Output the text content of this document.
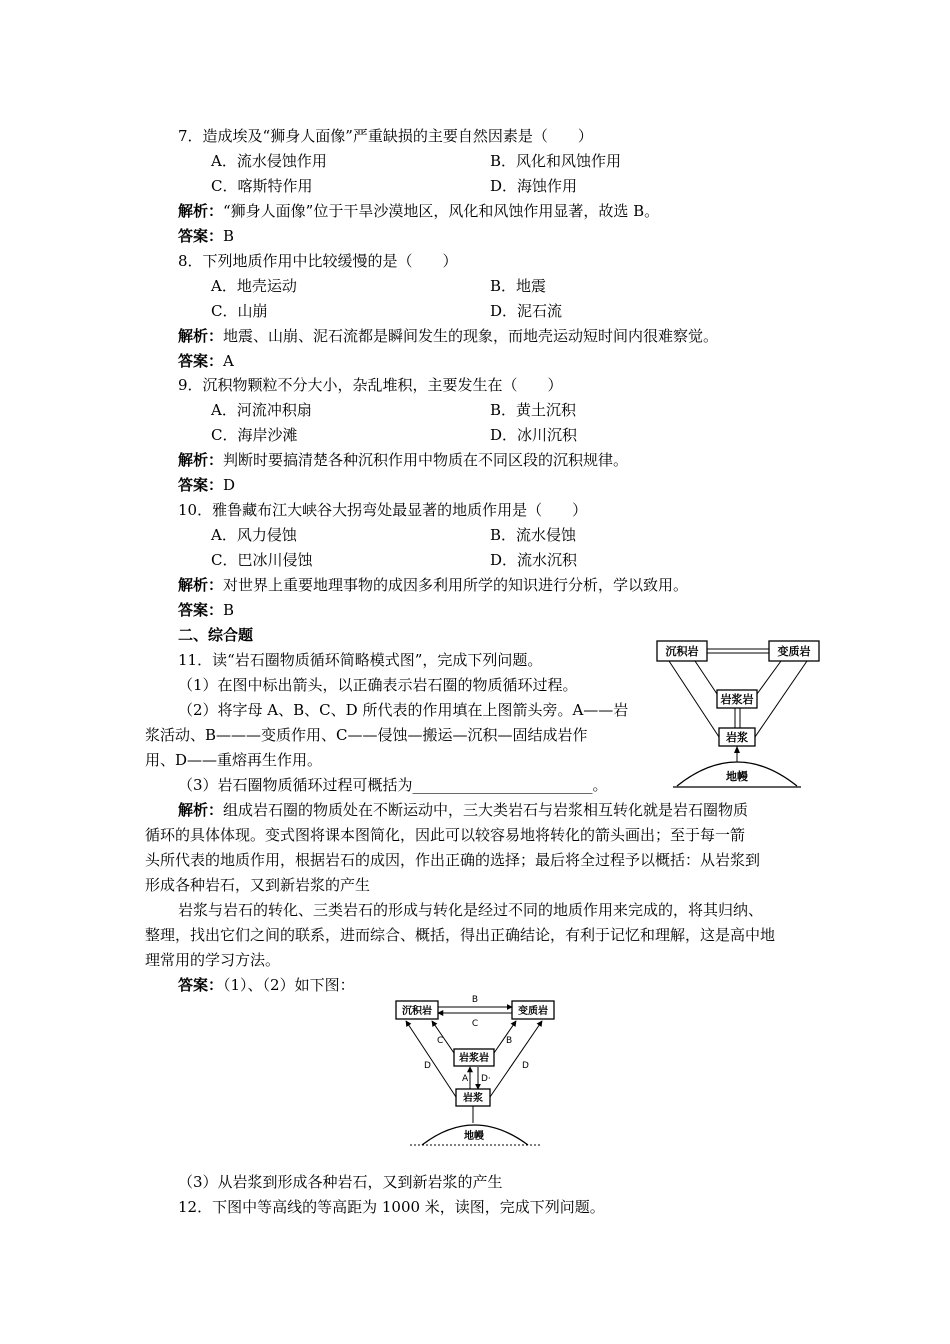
7．造成埃及“狮身人面像”严重缺损的主要自然因素是（　　）
A．流水侵蚀作用	B．风化和风蚀作用
C．喀斯特作用	D．海蚀作用
解析：“狮身人面像”位于干旱沙漠地区，风化和风蚀作用显著，故选 B。
答案：B
8．下列地质作用中比较缓慢的是（　　）
A．地壳运动	B．地震
C．山崩	D．泥石流
解析：地震、山崩、泥石流都是瞬间发生的现象，而地壳运动短时间内很难察觉。
答案：A
9．沉积物颗粒不分大小，杂乱堆积，主要发生在（　　）
A．河流冲积扇	B．黄土沉积
C．海岸沙滩	D．冰川沉积
解析：判断时要搞清楚各种沉积作用中物质在不同区段的沉积规律。
答案：D
10．雅鲁藏布江大峡谷大拐弯处最显著的地质作用是（　　）
A．风力侵蚀	B．流水侵蚀
C．巴冰川侵蚀	D．流水沉积
解析：对世界上重要地理事物的成因多利用所学的知识进行分析，学以致用。
答案：B
二、综合题
11．读“岩石圈物质循环简略模式图”，完成下列问题。
（1）在图中标出箭头，以正确表示岩石圈的物质循环过程。
（2）将字母 A、B、C、D 所代表的作用填在上图箭头旁。A——岩
浆活动、B———变质作用、C——侵蚀—搬运—沉积—固结成岩作
用、D——重熔再生作用。
（3）岩石圈物质循环过程可概括为________________________。
沉积岩	变质岩
岩浆岩
岩浆
地幔
解析：组成岩石圈的物质处在不断运动中，三大类岩石与岩浆相互转化就是岩石圈物质
循环的具体体现。变式图将课本图简化，因此可以较容易地将转化的箭头画出；至于每一箭
头所代表的地质作用，根据岩石的成因，作出正确的选择；最后将全过程予以概括：从岩浆到
形成各种岩石，又到新岩浆的产生
岩浆与岩石的转化、三类岩石的形成与转化是经过不同的地质作用来完成的，将其归纳、
整理，找出它们之间的联系，进而综合、概括，得出正确结论，有利于记忆和理解，这是高中地
理常用的学习方法。
答案：（1）、（2）如下图：
沉积岩	变质岩
B
C
岩浆岩
岩浆
D	D
C	B
A D·
地幔
（3）从岩浆到形成各种岩石，又到新岩浆的产生
12．下图中等高线的等高距为 1000 米，读图，完成下列问题。
